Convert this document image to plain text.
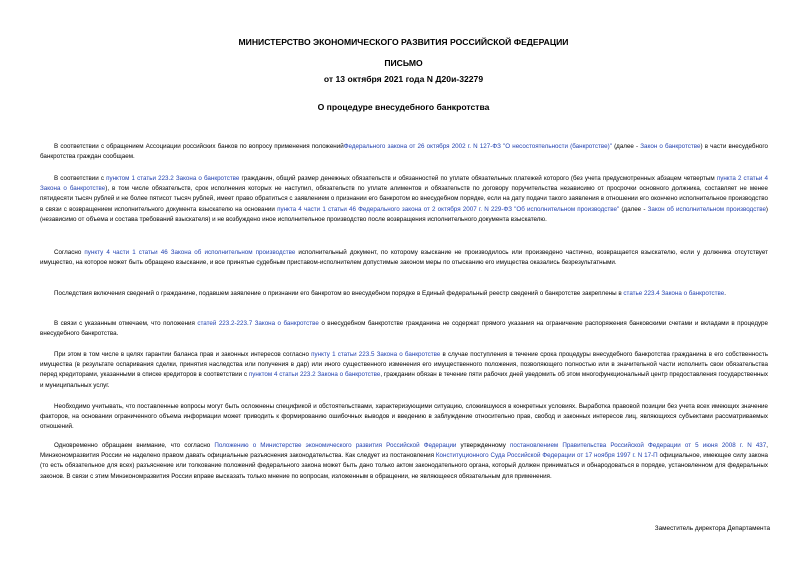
МИНИСТЕРСТВО ЭКОНОМИЧЕСКОГО РАЗВИТИЯ РОССИЙСКОЙ ФЕДЕРАЦИИ
ПИСЬМО
от 13 октября 2021 года N Д20и-32279
О процедуре внесудебного банкротства

В соответствии с обращением Ассоциации российских банков по вопросу применения положенийФедерального закона от 26 октября 2002 г. N 127-ФЗ "О несостоятельности (банкротстве)" (далее - Закон о банкротстве) в части внесудебного банкротства граждан сообщаем.

В соответствии с пунктом 1 статьи 223.2 Закона о банкротстве гражданин, общий размер денежных обязательств и обязанностей по уплате обязательных платежей которого (без учета предусмотренных абзацем четвертым пункта 2 статьи 4 Закона о банкротстве), в том числе обязательств, срок исполнения которых не наступил, обязательств по уплате алиментов и обязательств по договору поручительства независимо от просрочки основного должника, составляет не менее пятидесяти тысяч рублей и не более пятисот тысяч рублей, имеет право обратиться с заявлением о признании его банкротом во внесудебном порядке, если на дату подачи такого заявления в отношении его окончено исполнительное производство в связи с возвращением исполнительного документа взыскателю на основании пункта 4 части 1 статьи 46 Федерального закона от 2 октября 2007 г. N 229-ФЗ "Об исполнительном производстве" (далее - Закон об исполнительном производстве) (независимо от объема и состава требований взыскателя) и не возбуждено иное исполнительное производство после возвращения исполнительного документа взыскателю.

Согласно пункту 4 части 1 статьи 46 Закона об исполнительном производстве исполнительный документ, по которому взыскание не производилось или произведено частично, возвращается взыскателю, если у должника отсутствует имущество, на которое может быть обращено взыскание, и все принятые судебным приставом-исполнителем допустимые законом меры по отысканию его имущества оказались безрезультатными.

Последствия включения сведений о гражданине, подавшем заявление о признании его банкротом во внесудебном порядке в Единый федеральный реестр сведений о банкротстве закреплены в статье 223.4 Закона о банкротстве.

В связи с указанным отмечаем, что положения статей 223.2-223.7 Закона о банкротстве о внесудебном банкротстве гражданина не содержат прямого указания на ограничение распоряжения банковскими счетами и вкладами в процедуре внесудебного банкротства.

При этом в том числе в целях гарантии баланса прав и законных интересов согласно пункту 1 статьи 223.5 Закона о банкротстве в случае поступления в течение срока процедуры внесудебного банкротства гражданина в его собственность имущества (в результате оспаривания сделки, принятия наследства или получения в дар) или иного существенного изменения его имущественного положения, позволяющего полностью или в значительной части исполнить свои обязательства перед кредиторами, указанными в списке кредиторов в соответствии с пунктом 4 статьи 223.2 Закона о банкротстве, гражданин обязан в течение пяти рабочих дней уведомить об этом многофункциональный центр предоставления государственных и муниципальных услуг.

Необходимо учитывать, что поставленные вопросы могут быть осложнены спецификой и обстоятельствами, характеризующими ситуацию, сложившуюся в конкретных условиях. Выработка правовой позиции без учета всех имеющих значение факторов, на основании ограниченного объема информации может приводить к формированию ошибочных выводов и введению в заблуждение относительно прав, свобод и законных интересов лиц, являющихся субъектами рассматриваемых отношений.

Одновременно обращаем внимание, что согласно Положению о Министерстве экономического развития Российской Федерации утвержденному постановлением Правительства Российской Федерации от 5 июня 2008 г. N 437, Минэкономразвития России не наделено правом давать официальные разъяснения законодательства. Как следует из постановления Конституционного Суда Российской Федерации от 17 ноября 1997 г. N 17-П официальное, имеющее силу закона (то есть обязательное для всех) разъяснение или толкование положений федерального закона может быть дано только актом законодательного органа, который должен приниматься и обнародоваться в порядке, установленном для федеральных законов. В связи с этим Минэкономразвития России вправе высказать только мнение по вопросам, изложенным в обращении, не являющееся обязательным для применения.

Заместитель директора Департамента
